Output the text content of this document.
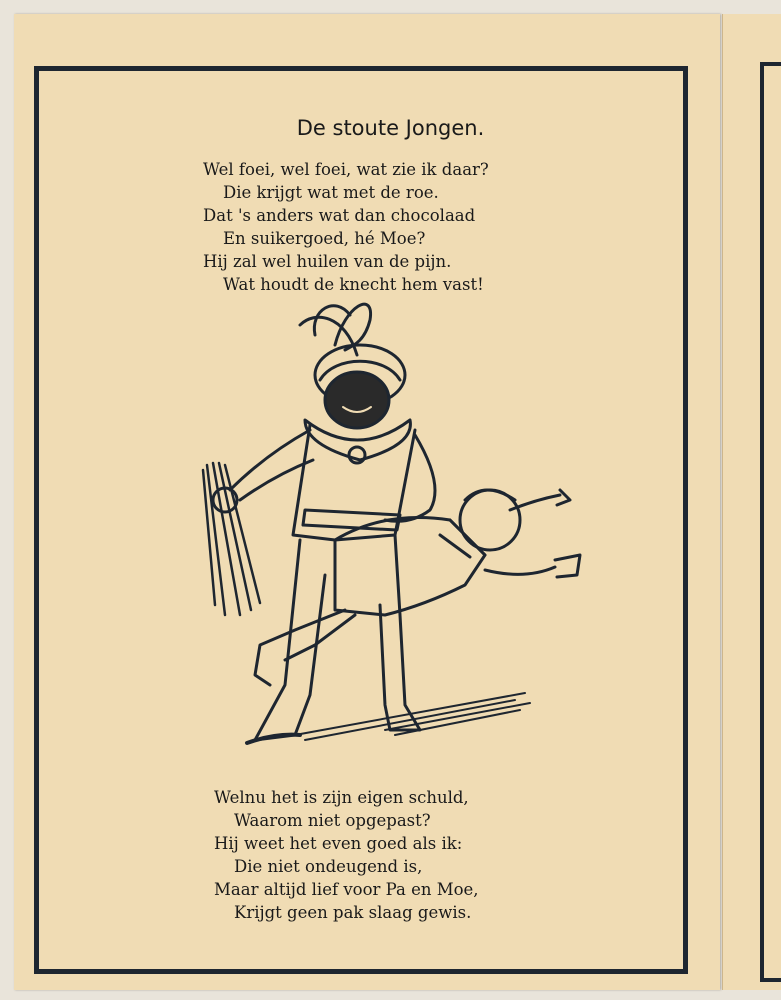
De stoute Jongen.
Wel foei, wel foei, wat zie ik daar?
Die krijgt wat met de roe.
Dat 's anders wat dan chocolaad
En suikergoed, hé Moe?
Hij zal wel huilen van de pijn.
Wat houdt de knecht hem vast!
Welnu het is zijn eigen schuld,
Waarom niet opgepast?
Hij weet het even goed als ik:
Die niet ondeugend is,
Maar altijd lief voor Pa en Moe,
Krijgt geen pak slaag gewis.
